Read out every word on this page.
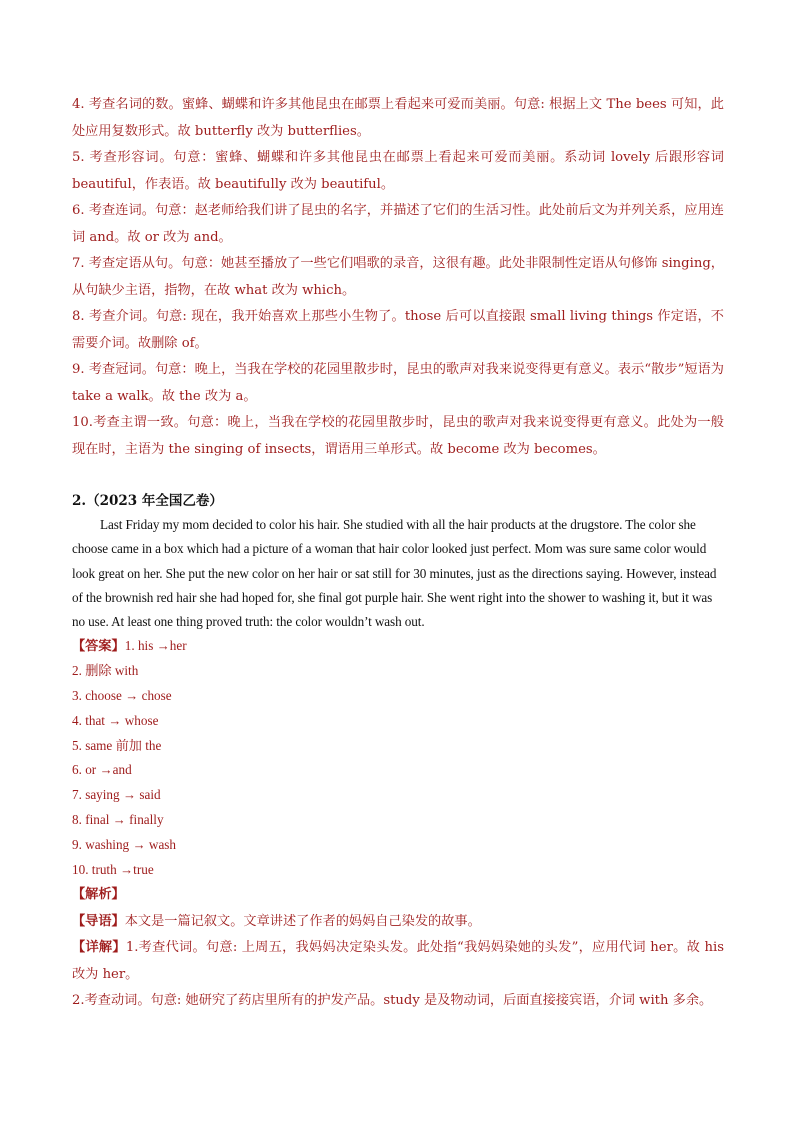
4. 考查名词的数。蜜蜂、蝴蝶和许多其他昆虫在邮票上看起来可爱而美丽。句意: 根据上文 The bees 可知，此处应用复数形式。故 butterfly 改为 butterflies。

5. 考查形容词。句意：蜜蜂、蝴蝶和许多其他昆虫在邮票上看起来可爱而美丽。系动词 lovely 后跟形容词 beautiful，作表语。故 beautifully 改为 beautiful。

6. 考查连词。句意：赵老师给我们讲了昆虫的名字，并描述了它们的生活习性。此处前后文为并列关系，应用连词 and。故 or 改为 and。

7. 考查定语从句。句意：她甚至播放了一些它们唱歌的录音，这很有趣。此处非限制性定语从句修饰 singing，从句缺少主语，指物，在故 what 改为 which。

8. 考查介词。句意: 现在，我开始喜欢上那些小生物了。those 后可以直接跟 small living things 作定语，不需要介词。故删除 of。

9. 考查冠词。句意：晚上，当我在学校的花园里散步时，昆虫的歌声对我来说变得更有意义。表示“散步”短语为 take a walk。故 the 改为 a。

10.考查主谓一致。句意：晚上，当我在学校的花园里散步时，昆虫的歌声对我来说变得更有意义。此处为一般现在时，主语为 the singing of insects，谓语用三单形式。故 become 改为 becomes。

2.（2023 年全国乙卷）

Last Friday my mom decided to color his hair. She studied with all the hair products at the drugstore. The color she choose came in a box which had a picture of a woman that hair color looked just perfect. Mom was sure same color would look great on her. She put the new color on her hair or sat still for 30 minutes, just as the directions saying. However, instead of the brownish red hair she had hoped for, she final got purple hair. She went right into the shower to washing it, but it was no use. At least one thing proved truth: the color wouldn’t wash out.

【答案】1. his →her

2. 删除 with

3. choose → chose

4. that → whose

5. same 前加 the

6. or →and

7. saying → said

8. final → finally

9. washing → wash

10. truth →true

【解析】

【导语】本文是一篇记叙文。文章讲述了作者的妈妈自己染发的故事。

【详解】1.考查代词。句意: 上周五，我妈妈决定染头发。此处指“我妈妈染她的头发”，应用代词 her。故 his 改为 her。

2.考查动词。句意: 她研究了药店里所有的护发产品。study 是及物动词，后面直接接宾语，介词 with 多余。
